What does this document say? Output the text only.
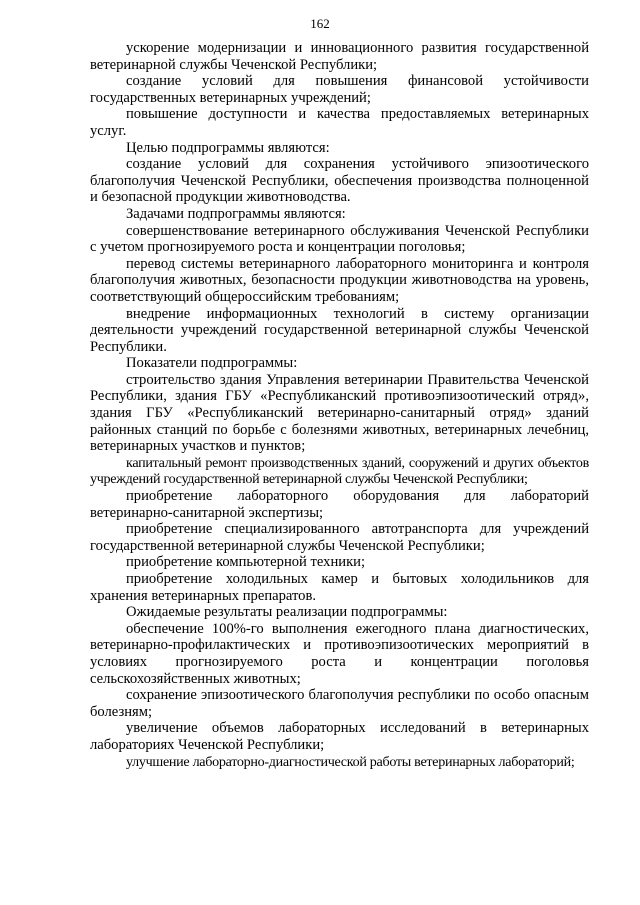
162

ускорение модернизации и инновационного развития государственной ветеринарной службы Чеченской Республики;

создание условий для повышения финансовой устойчивости государственных ветеринарных учреждений;

повышение доступности и качества предоставляемых ветеринарных услуг.

Целью подпрограммы являются:

создание условий для сохранения устойчивого эпизоотического благополучия Чеченской Республики, обеспечения производства полноценной и безопасной продукции животноводства.

Задачами подпрограммы являются:

совершенствование ветеринарного обслуживания Чеченской Республики с учетом прогнозируемого роста и концентрации поголовья;

перевод системы ветеринарного лабораторного мониторинга и контроля благополучия животных, безопасности продукции животноводства на уровень, соответствующий общероссийским требованиям;

внедрение информационных технологий в систему организации деятельности учреждений государственной ветеринарной службы Чеченской Республики.

Показатели подпрограммы:

строительство здания Управления ветеринарии Правительства Чеченской Республики, здания ГБУ «Республиканский противоэпизоотический отряд», здания ГБУ «Республиканский ветеринарно-санитарный отряд» зданий районных станций по борьбе с болезнями животных, ветеринарных лечебниц, ветеринарных участков и пунктов;

капитальный ремонт производственных зданий, сооружений и других объектов учреждений государственной ветеринарной службы Чеченской Республики;

приобретение лабораторного оборудования для лабораторий ветеринарно-санитарной экспертизы;

приобретение специализированного автотранспорта для учреждений государственной ветеринарной службы Чеченской Республики;

приобретение компьютерной техники;

приобретение холодильных камер и бытовых холодильников для хранения ветеринарных препаратов.

Ожидаемые результаты реализации подпрограммы:

обеспечение 100%-го выполнения ежегодного плана диагностических, ветеринарно-профилактических и противоэпизоотических мероприятий в условиях прогнозируемого роста и концентрации поголовья сельскохозяйственных животных;

сохранение эпизоотического благополучия республики по особо опасным болезням;

увеличение объемов лабораторных исследований в ветеринарных лабораториях Чеченской Республики;

улучшение лабораторно-диагностической работы ветеринарных лабораторий;
